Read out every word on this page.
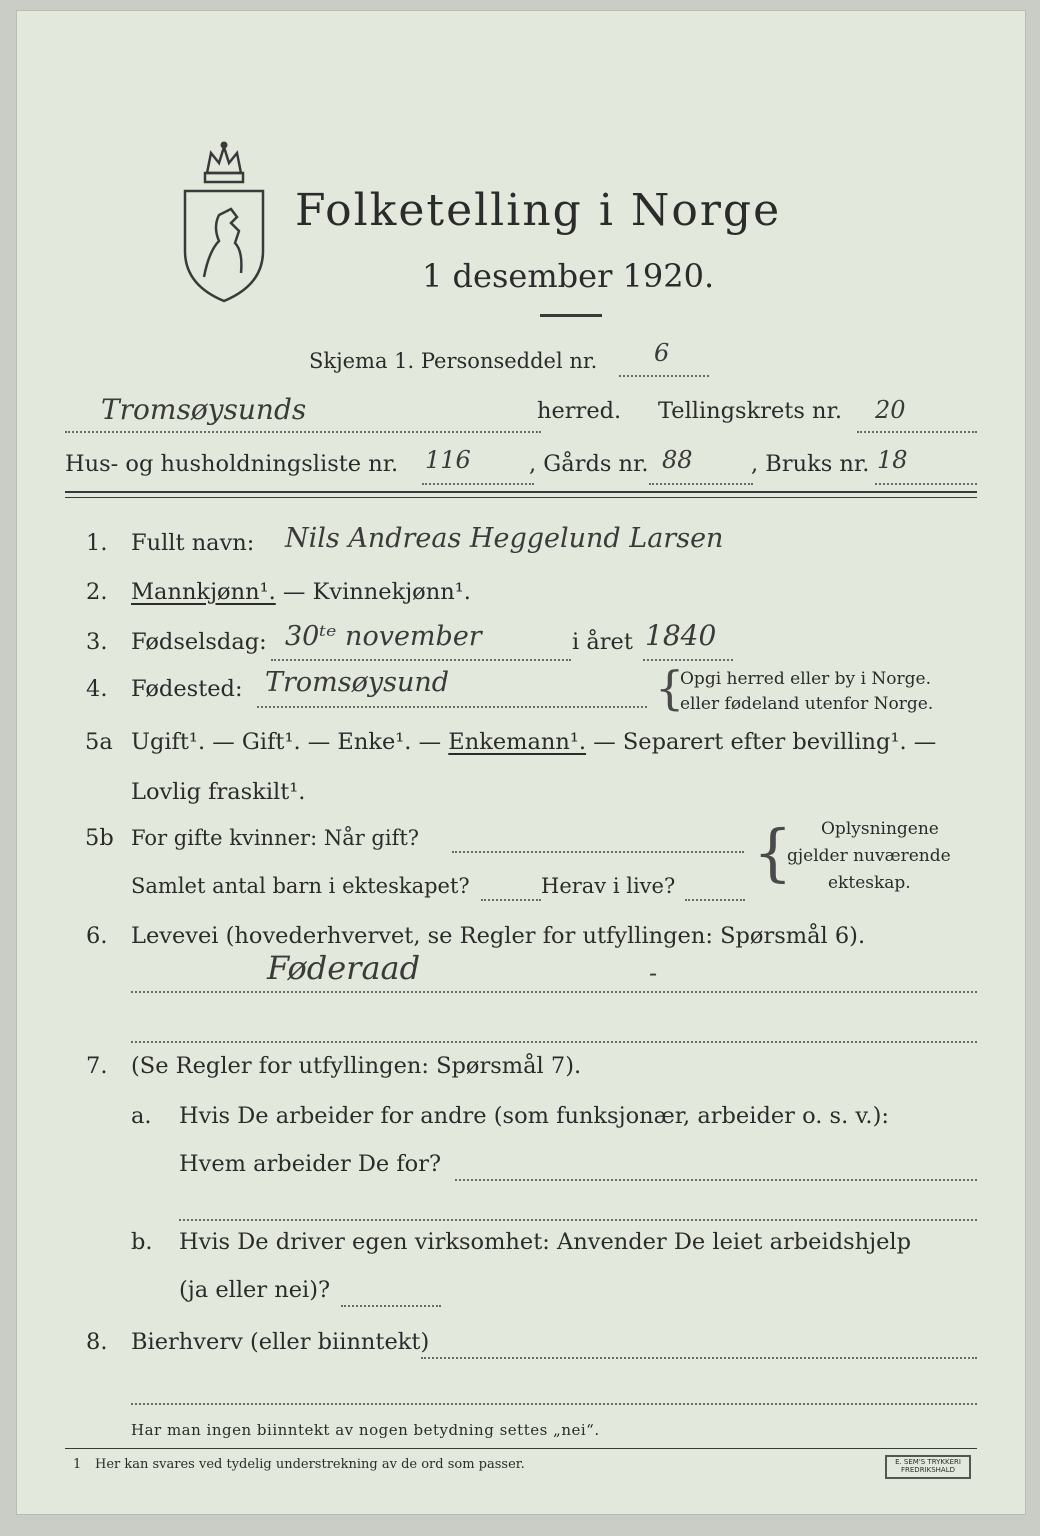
Folketelling i Norge
1 desember 1920.
Skjema 1. Personseddel nr. 6
Tromsøysunds	herred. Tellingskrets nr. 20
Hus- og husholdningsliste nr. 116	, Gårds nr. 88	, Bruks nr. 18
1. Fullt navn: Nils Andreas Heggelund Larsen
2. Mannkjønn¹. — Kvinnekjønn¹.
3. Fødselsdag: 30ᵗᵉ november	i året 1840
4. Fødested: Tromsøysund	{
Opgi herred eller by i Norge.
eller fødeland utenfor Norge.
5a Ugift¹. — Gift¹. — Enke¹. — Enkemann¹. — Separert efter bevilling¹. —
Lovlig fraskilt¹.
5b For gifte kvinner: Når gift?
Samlet antal barn i ekteskapet?	Herav i live? { Oplysningene
gjelder nuværende
ekteskap.
6. Levevei (hovederhvervet, se Regler for utfyllingen: Spørsmål 6).
Føderaad	-
7. (Se Regler for utfyllingen: Spørsmål 7).
a. Hvis De arbeider for andre (som funksjonær, arbeider o. s. v.):
Hvem arbeider De for?
b. Hvis De driver egen virksomhet: Anvender De leiet arbeidshjelp
(ja eller nei)?
8. Bierhverv (eller biinntekt)
Har man ingen biinntekt av nogen betydning settes „nei“.
1 Her kan svares ved tydelig understrekning av de ord som passer.	E. SEM'S TRYKKERI FREDRIKSHALD
